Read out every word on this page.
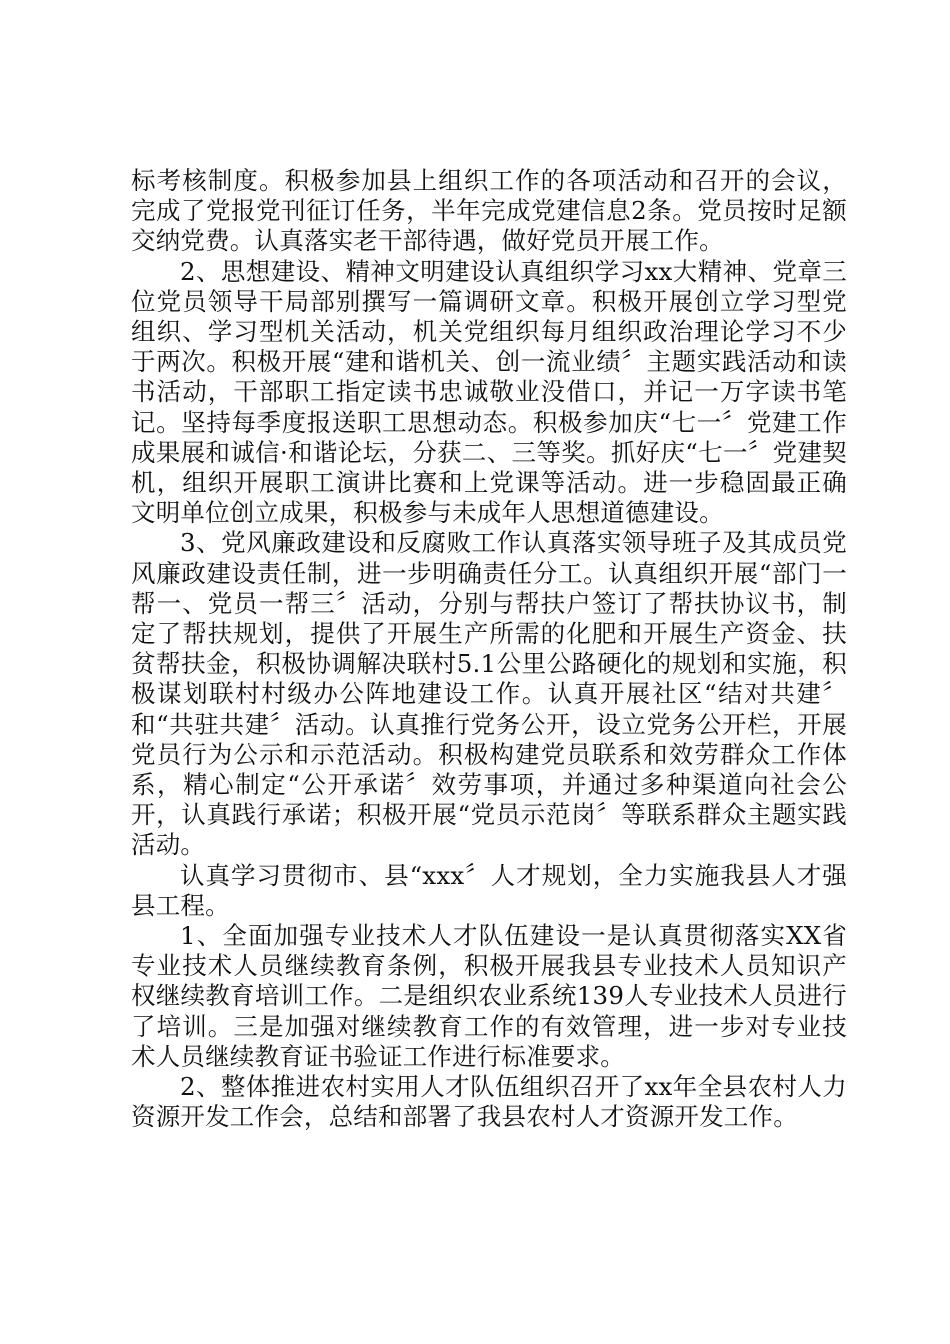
标考核制度。积极参加县上组织工作的各项活动和召开的会议，完成了党报党刊征订任务，半年完成党建信息2条。党员按时足额交纳党费。认真落实老干部待遇，做好党员开展工作。

2、思想建设、精神文明建设认真组织学习xx大精神、党章三位党员领导干局部别撰写一篇调研文章。积极开展创立学习型党组织、学习型机关活动，机关党组织每月组织政治理论学习不少于两次。积极开展“建和谐机关、创一流业绩〞主题实践活动和读书活动，干部职工指定读书忠诚敬业没借口，并记一万字读书笔记。坚持每季度报送职工思想动态。积极参加庆“七一〞党建工作成果展和诚信·和谐论坛，分获二、三等奖。抓好庆“七一〞党建契机，组织开展职工演讲比赛和上党课等活动。进一步稳固最正确文明单位创立成果，积极参与未成年人思想道德建设。

3、党风廉政建设和反腐败工作认真落实领导班子及其成员党风廉政建设责任制，进一步明确责任分工。认真组织开展“部门一帮一、党员一帮三〞活动，分别与帮扶户签订了帮扶协议书，制定了帮扶规划，提供了开展生产所需的化肥和开展生产资金、扶贫帮扶金，积极协调解决联村5.1公里公路硬化的规划和实施，积极谋划联村村级办公阵地建设工作。认真开展社区“结对共建〞和“共驻共建〞活动。认真推行党务公开，设立党务公开栏，开展党员行为公示和示范活动。积极构建党员联系和效劳群众工作体系，精心制定“公开承诺〞效劳事项，并通过多种渠道向社会公开，认真践行承诺；积极开展“党员示范岗〞等联系群众主题实践活动。

认真学习贯彻市、县“xxx〞人才规划，全力实施我县人才强县工程。

1、全面加强专业技术人才队伍建设一是认真贯彻落实XX省专业技术人员继续教育条例，积极开展我县专业技术人员知识产权继续教育培训工作。二是组织农业系统139人专业技术人员进行了培训。三是加强对继续教育工作的有效管理，进一步对专业技术人员继续教育证书验证工作进行标准要求。

2、整体推进农村实用人才队伍组织召开了xx年全县农村人力资源开发工作会，总结和部署了我县农村人才资源开发工作。
